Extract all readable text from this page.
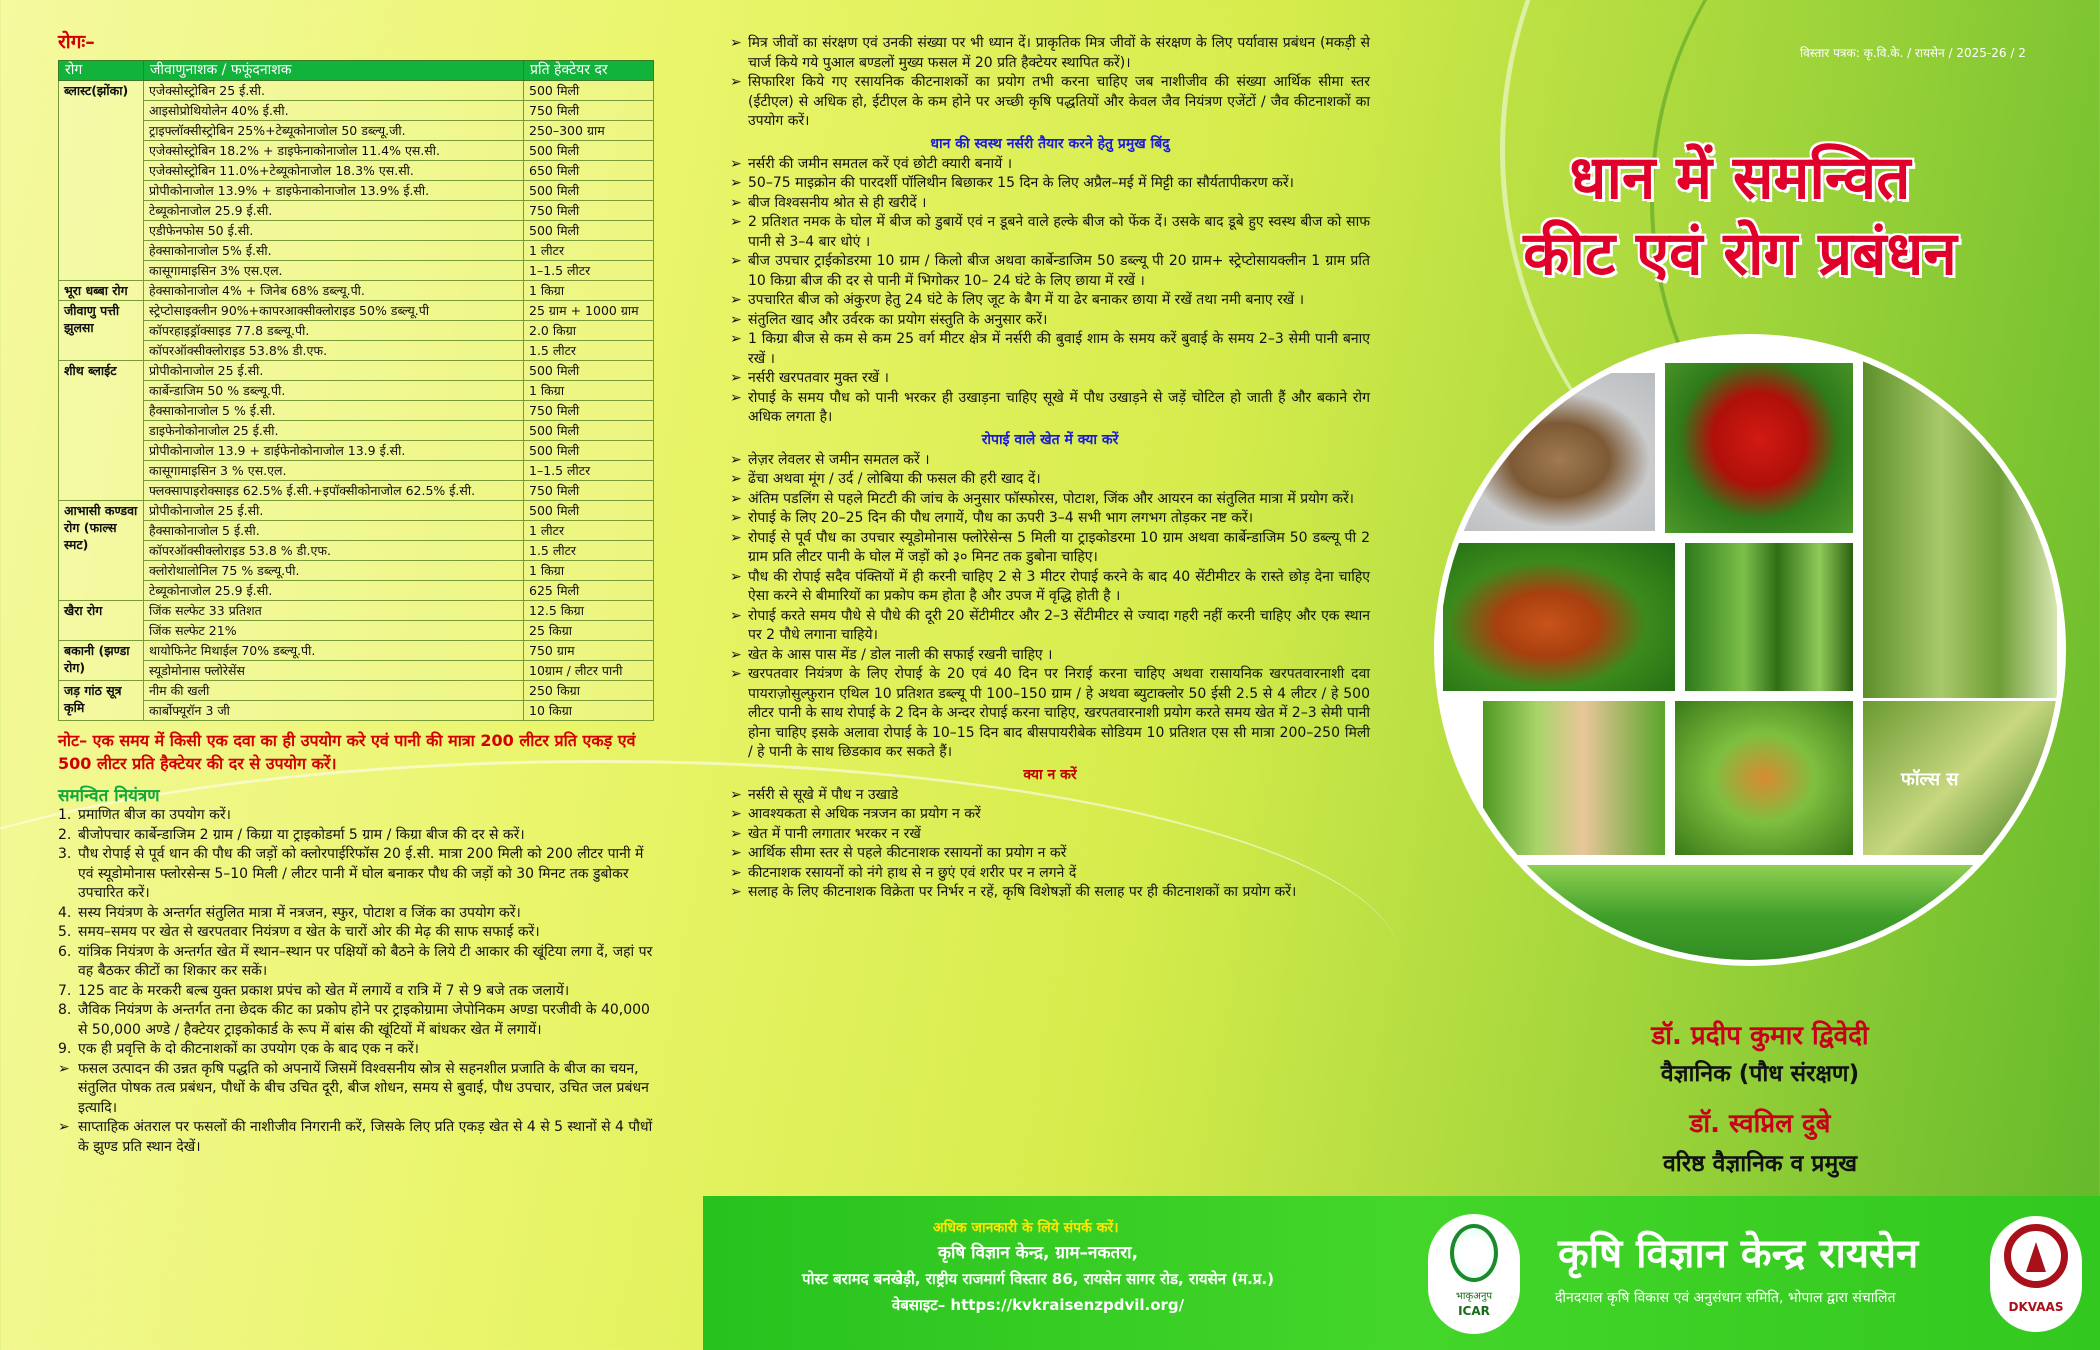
रोगः–
रोग	जीवाणुनाशक / फफूंदनाशक	प्रति हेक्टेयर दर
ब्लास्ट(झोंका)	एजेक्सोस्ट्रोबिन 25 ई.सी.	500 मिली
	आइसोप्रोथियोलेन 40% ई.सी.	750 मिली
	ट्राइफ्लॉक्सीस्ट्रोबिन 25%+टेब्यूकोनाजोल 50 डब्ल्यू.जी.	250–300 ग्राम
	एजेक्सोस्ट्रोबिन 18.2% + डाइफेनाकोनाजोल 11.4% एस.सी.	500 मिली
	एजेक्सोस्ट्रोबिन 11.0%+टेब्यूकोनाजोल 18.3% एस.सी.	650 मिली
	प्रोपीकोनाजोल 13.9% + डाइफेनाकोनाजोल 13.9% ई.सी.	500 मिली
	टेब्यूकोनाजोल 25.9 ई.सी.	750 मिली
	एडीफेनफोस 50 ई.सी.	500 मिली
	हेक्साकोनाजोल 5% ई.सी.	1 लीटर
	कासूगामाइसिन 3% एस.एल.	1–1.5 लीटर
भूरा धब्बा रोग	हेक्साकोनाजोल 4% + जिनेब 68% डब्ल्यू.पी.	1 किग्रा
जीवाणु पत्ती झुलसा	स्ट्रेप्टोसाइक्लीन 90%+कापरआक्सीक्लोराइड 50% डब्ल्यू.पी	25 ग्राम + 1000 ग्राम
	कॉपरहाइड्रॉक्साइड 77.8 डब्ल्यू.पी.	2.0 किग्रा
	कॉपरऑक्सीक्लोराइड 53.8% डी.एफ.	1.5 लीटर
शीथ ब्लाईट	प्रोपीकोनाजोल 25 ई.सी.	500 मिली
	कार्बेन्डाजिम 50 % डब्ल्यू.पी.	1 किग्रा
	हैक्साकोनाजोल 5 % ई.सी.	750 मिली
	डाइफेनोकोनाजोल 25 ई.सी.	500 मिली
	प्रोपीकोनाजोल 13.9 + डाईफेनोकोनाजोल 13.9 ई.सी.	500 मिली
	कासूगामाइसिन 3 % एस.एल.	1–1.5 लीटर
	फ्लक्सापाइरोक्साइड 62.5% ई.सी.+इपॉक्सीकोनाजोल 62.5% ई.सी.	750 मिली
आभासी कण्डवा रोग (फाल्स स्मट)	प्रोपीकोनाजोल 25 ई.सी.	500 मिली
	हैक्साकोनाजोल 5 ई.सी.	1 लीटर
	कॉपरऑक्सीक्लोराइड 53.8 % डी.एफ.	1.5 लीटर
	क्लोरोथालोनिल 75 % डब्ल्यू.पी.	1 किग्रा
	टेब्यूकोनाजोल 25.9 ई.सी.	625 मिली
खैरा रोग	जिंक सल्फेट 33 प्रतिशत	12.5 किग्रा
	जिंक सल्फेट 21%	25 किग्रा
बकानी (झण्डा रोग)	थायोफिनेट मिथाईल 70% डब्ल्यू.पी.	750 ग्राम
	स्यूडोमोनास फ्लोरेसेंस	10ग्राम / लीटर पानी
जड़ गांठ सूत्र कृमि	नीम की खली	250 किग्रा
	कार्बोफ्यूरॉन 3 जी	10 किग्रा
नोट– एक समय में किसी एक दवा का ही उपयोग करे एवं पानी की मात्रा 200 लीटर प्रति एकड़ एवं 500 लीटर प्रति हैक्टेयर की दर से उपयोग करें।
समन्वित नियंत्रण
1. प्रमाणित बीज का उपयोग करें।
2. बीजोपचार कार्बेन्डाजिम 2 ग्राम / किग्रा या ट्राइकोडर्मा 5 ग्राम / किग्रा बीज की दर से करें।
3. पौध रोपाई से पूर्व धान की पौध की जड़ों को क्लोरपाईरिफॉस 20 ई.सी. मात्रा 200 मिली को 200 लीटर पानी में एवं स्यूडोमोनास फ्लोरसेन्स 5–10 मिली / लीटर पानी में घोल बनाकर पौध की जड़ों को 30 मिनट तक डुबोकर उपचारित करें।
4. सस्य नियंत्रण के अन्तर्गत संतुलित मात्रा में नत्रजन, स्फुर, पोटाश व जिंक का उपयोग करें।
5. समय–समय पर खेत से खरपतवार नियंत्रण व खेत के चारों ओर की मेढ़ की साफ सफाई करें।
6. यांत्रिक नियंत्रण के अन्तर्गत खेत में स्थान–स्थान पर पक्षियों को बैठने के लिये टी आकार की खूंटिया लगा दें, जहां पर वह बैठकर कीटों का शिकार कर सकें।
7. 125 वाट के मरकरी बल्ब युक्त प्रकाश प्रपंच को खेत में लगायें व रात्रि में 7 से 9 बजे तक जलायें।
8. जैविक नियंत्रण के अन्तर्गत तना छेदक कीट का प्रकोप होने पर ट्राइकोग्रामा जेपोनिकम अण्डा परजीवी के 40,000 से 50,000 अण्डे / हैक्टेयर ट्राइकोकार्ड के रूप में बांस की खूंटियों में बांधकर खेत में लगायें।
9. एक ही प्रवृत्ति के दो कीटनाशकों का उपयोग एक के बाद एक न करें।
➢ फसल उत्पादन की उन्नत कृषि पद्धति को अपनायें जिसमें विश्वसनीय स्रोत्र से सहनशील प्रजाति के बीज का चयन, संतुलित पोषक तत्व प्रबंधन, पौधों के बीच उचित दूरी, बीज शोधन, समय से बुवाई, पौध उपचार, उचित जल प्रबंधन इत्यादि।
➢ साप्ताहिक अंतराल पर फसलों की नाशीजीव निगरानी करें, जिसके लिए प्रति एकड़ खेत से 4 से 5 स्थानों से 4 पौधों के झुण्ड प्रति स्थान देखें।
➢ मित्र जीवों का संरक्षण एवं उनकी संख्या पर भी ध्यान दें। प्राकृतिक मित्र जीवों के संरक्षण के लिए पर्यावास प्रबंधन (मकड़ी से चार्ज किये गये पुआल बण्डलों मुख्य फसल में 20 प्रति हैक्टेयर स्थापित करें)।
➢ सिफारिश किये गए रसायनिक कीटनाशकों का प्रयोग तभी करना चाहिए जब नाशीजीव की संख्या आर्थिक सीमा स्तर (ईटीएल) से अधिक हो, ईटीएल के कम होने पर अच्छी कृषि पद्धतियों और केवल जैव नियंत्रण एजेंटों / जैव कीटनाशकों का उपयोग करें।
धान की स्वस्थ नर्सरी तैयार करने हेतु प्रमुख बिंदु
➢ नर्सरी की जमीन समतल करें एवं छोटी क्यारी बनायें ।
➢ 50–75 माइक्रोन की पारदर्शी पॉलिथीन बिछाकर 15 दिन के लिए अप्रैल–मई में मिट्टी का सौर्यतापीकरण करें।
➢ बीज विश्वसनीय श्रोत से ही खरीदें ।
➢ 2 प्रतिशत नमक के घोल में बीज को डुबायें एवं न डूबने वाले हल्के बीज को फेंक दें। उसके बाद डूबे हुए स्वस्थ बीज को साफ पानी से 3–4 बार धोएं ।
➢ बीज उपचार ट्राईकोडरमा 10 ग्राम / किलो बीज अथवा कार्बेन्डाजिम 50 डब्ल्यू पी 20 ग्राम+ स्ट्रेप्टोसायक्लीन 1 ग्राम प्रति 10 किग्रा बीज की दर से पानी में भिगोकर 10– 24 घंटे के लिए छाया में रखें ।
➢ उपचारित बीज को अंकुरण हेतु 24 घंटे के लिए जूट के बैग में या ढेर बनाकर छाया में रखें तथा नमी बनाए रखें ।
➢ संतुलित खाद और उर्वरक का प्रयोग संस्तुति के अनुसार करें।
➢ 1 किग्रा बीज से कम से कम 25 वर्ग मीटर क्षेत्र में नर्सरी की बुवाई शाम के समय करें बुवाई के समय 2–3 सेमी पानी बनाए रखें ।
➢ नर्सरी खरपतवार मुक्त रखें ।
➢ रोपाई के समय पौध को पानी भरकर ही उखाड़ना चाहिए सूखे में पौध उखाड़ने से जड़ें चोटिल हो जाती हैं और बकाने रोग अधिक लगता है।
रोपाई वाले खेत में क्या करें
➢ लेज़र लेवलर से जमीन समतल करें ।
➢ ढेंचा अथवा मूंग / उर्द / लोबिया की फसल की हरी खाद दें।
➢ अंतिम पडलिंग से पहले मिटटी की जांच के अनुसार फॉस्फोरस, पोटाश, जिंक और आयरन का संतुलित मात्रा में प्रयोग करें।
➢ रोपाई के लिए 20–25 दिन की पौध लगायें, पौध का ऊपरी 3–4 सभी भाग लगभग तोड़कर नष्ट करें।
➢ रोपाई से पूर्व पौध का उपचार स्यूडोमोनास फ्लोरेसेन्स 5 मिली या ट्राइकोडरमा 10 ग्राम अथवा कार्बेन्डाजिम 50 डब्ल्यू पी 2 ग्राम प्रति लीटर पानी के घोल में जड़ों को ३० मिनट तक डुबोना चाहिए।
➢ पौध की रोपाई सदैव पंक्तियों में ही करनी चाहिए 2 से 3 मीटर रोपाई करने के बाद 40 सेंटीमीटर के रास्ते छोड़ देना चाहिए ऐसा करने से बीमारियों का प्रकोप कम होता है और उपज में वृद्धि होती है ।
➢ रोपाई करते समय पौधे से पौधे की दूरी 20 सेंटीमीटर और 2–3 सेंटीमीटर से ज्यादा गहरी नहीं करनी चाहिए और एक स्थान पर 2 पौधे लगाना चाहिये।
➢ खेत के आस पास मेंड / डोल नाली की सफाई रखनी चाहिए ।
➢ खरपतवार नियंत्रण के लिए रोपाई के 20 एवं 40 दिन पर निराई करना चाहिए अथवा रासायनिक खरपतवारनाशी दवा पायराज़ोसुल्फ़ुरान एथिल 10 प्रतिशत डब्ल्यू पी 100–150 ग्राम / हे अथवा ब्युटाक्लोर 50 ईसी 2.5 से 4 लीटर / हे 500 लीटर पानी के साथ रोपाई के 2 दिन के अन्दर रोपाई करना चाहिए, खरपतवारनाशी प्रयोग करते समय खेत में 2–3 सेमी पानी होना चाहिए इसके अलावा रोपाई के 10–15 दिन बाद बीसपायरीबेक सोडियम 10 प्रतिशत एस सी मात्रा 200–250 मिली / हे पानी के साथ छिडकाव कर सकते हैं।
क्या न करें
➢ नर्सरी से सूखे में पौध न उखाडे
➢ आवश्यकता से अधिक नत्रजन का प्रयोग न करें
➢ खेत में पानी लगातार भरकर न रखें
➢ आर्थिक सीमा स्तर से पहले कीटनाशक रसायनों का प्रयोग न करें
➢ कीटनाशक रसायनों को नंगे हाथ से न छुएं एवं शरीर पर न लगने दें
➢ सलाह के लिए कीटनाशक विक्रेता पर निर्भर न रहें, कृषि विशेषज्ञों की सलाह पर ही कीटनाशकों का प्रयोग करें।
विस्तार पत्रक: कृ.वि.के. / रायसेन / 2025-26 / 2
धान में समन्वित
कीट एवं रोग प्रबंधन
फॉल्स स
डॉ. प्रदीप कुमार द्विवेदी
वैज्ञानिक (पौध संरक्षण)
डॉ. स्वप्निल दुबे
वरिष्ठ वैज्ञानिक व प्रमुख
अधिक जानकारी के लिये संपर्क करें।
कृषि विज्ञान केन्द्र, ग्राम–नकतरा,
पोस्ट बरामद बनखेड़ी, राष्ट्रीय राजमार्ग विस्तार 86, रायसेन सागर रोड, रायसेन (म.प्र.)
वेबसाइट– https://kvkraisenzpdvil.org/	भाकृअनुप
ICAR
कृषि विज्ञान केन्द्र रायसेन
दीनदयाल कृषि विकास एवं अनुसंधान समिति, भोपाल द्वारा संचालित
DKVAAS
